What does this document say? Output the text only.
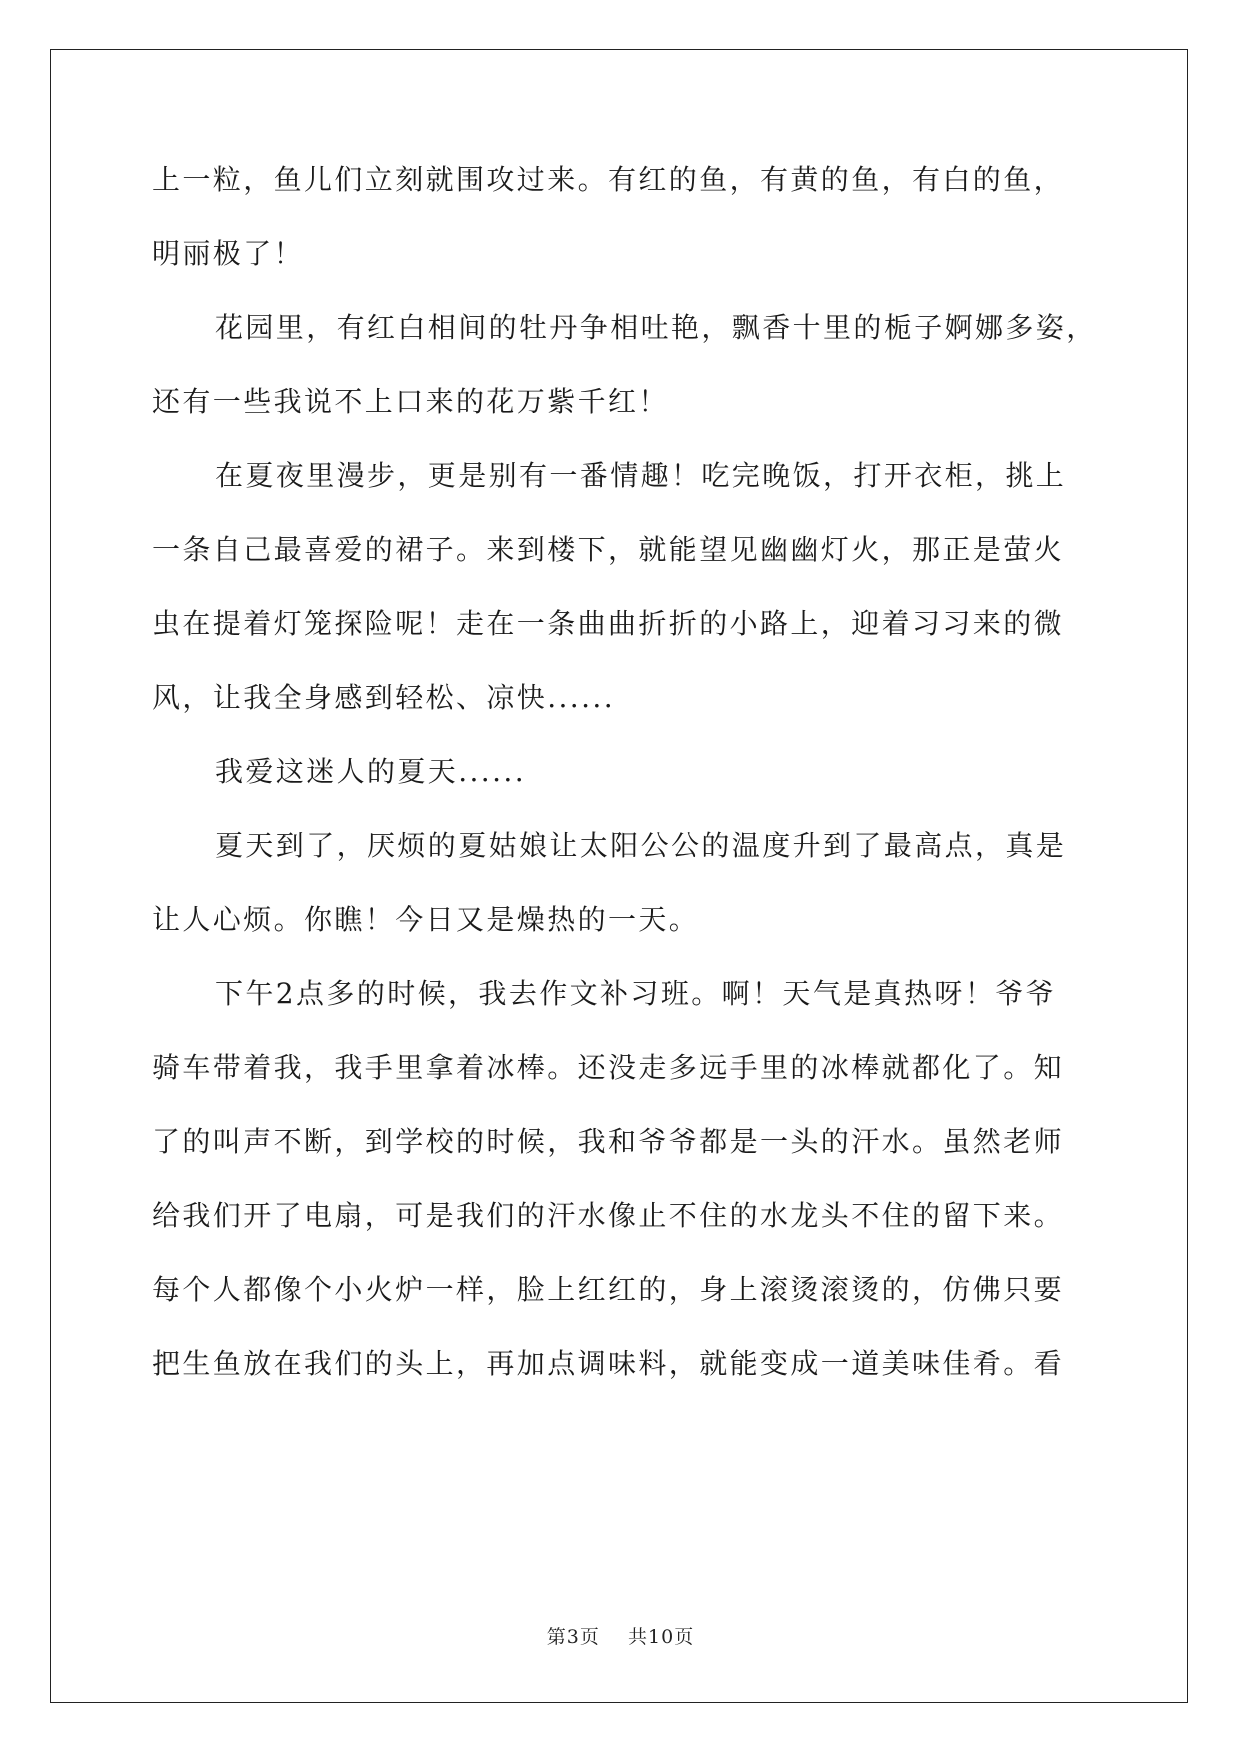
上一粒，鱼儿们立刻就围攻过来。有红的鱼，有黄的鱼，有白的鱼，
明丽极了！
花园里，有红白相间的牡丹争相吐艳，飘香十里的栀子婀娜多姿，
还有一些我说不上口来的花万紫千红！
在夏夜里漫步，更是别有一番情趣！吃完晚饭，打开衣柜，挑上
一条自己最喜爱的裙子。来到楼下，就能望见幽幽灯火，那正是萤火
虫在提着灯笼探险呢！走在一条曲曲折折的小路上，迎着习习来的微
风，让我全身感到轻松、凉快......
我爱这迷人的夏天......
夏天到了，厌烦的夏姑娘让太阳公公的温度升到了最高点，真是
让人心烦。你瞧！今日又是燥热的一天。
下午2点多的时候，我去作文补习班。啊！天气是真热呀！爷爷
骑车带着我，我手里拿着冰棒。还没走多远手里的冰棒就都化了。知
了的叫声不断，到学校的时候，我和爷爷都是一头的汗水。虽然老师
给我们开了电扇，可是我们的汗水像止不住的水龙头不住的留下来。
每个人都像个小火炉一样，脸上红红的，身上滚烫滚烫的，仿佛只要
把生鱼放在我们的头上，再加点调味料，就能变成一道美味佳肴。看
第3页 共10页
